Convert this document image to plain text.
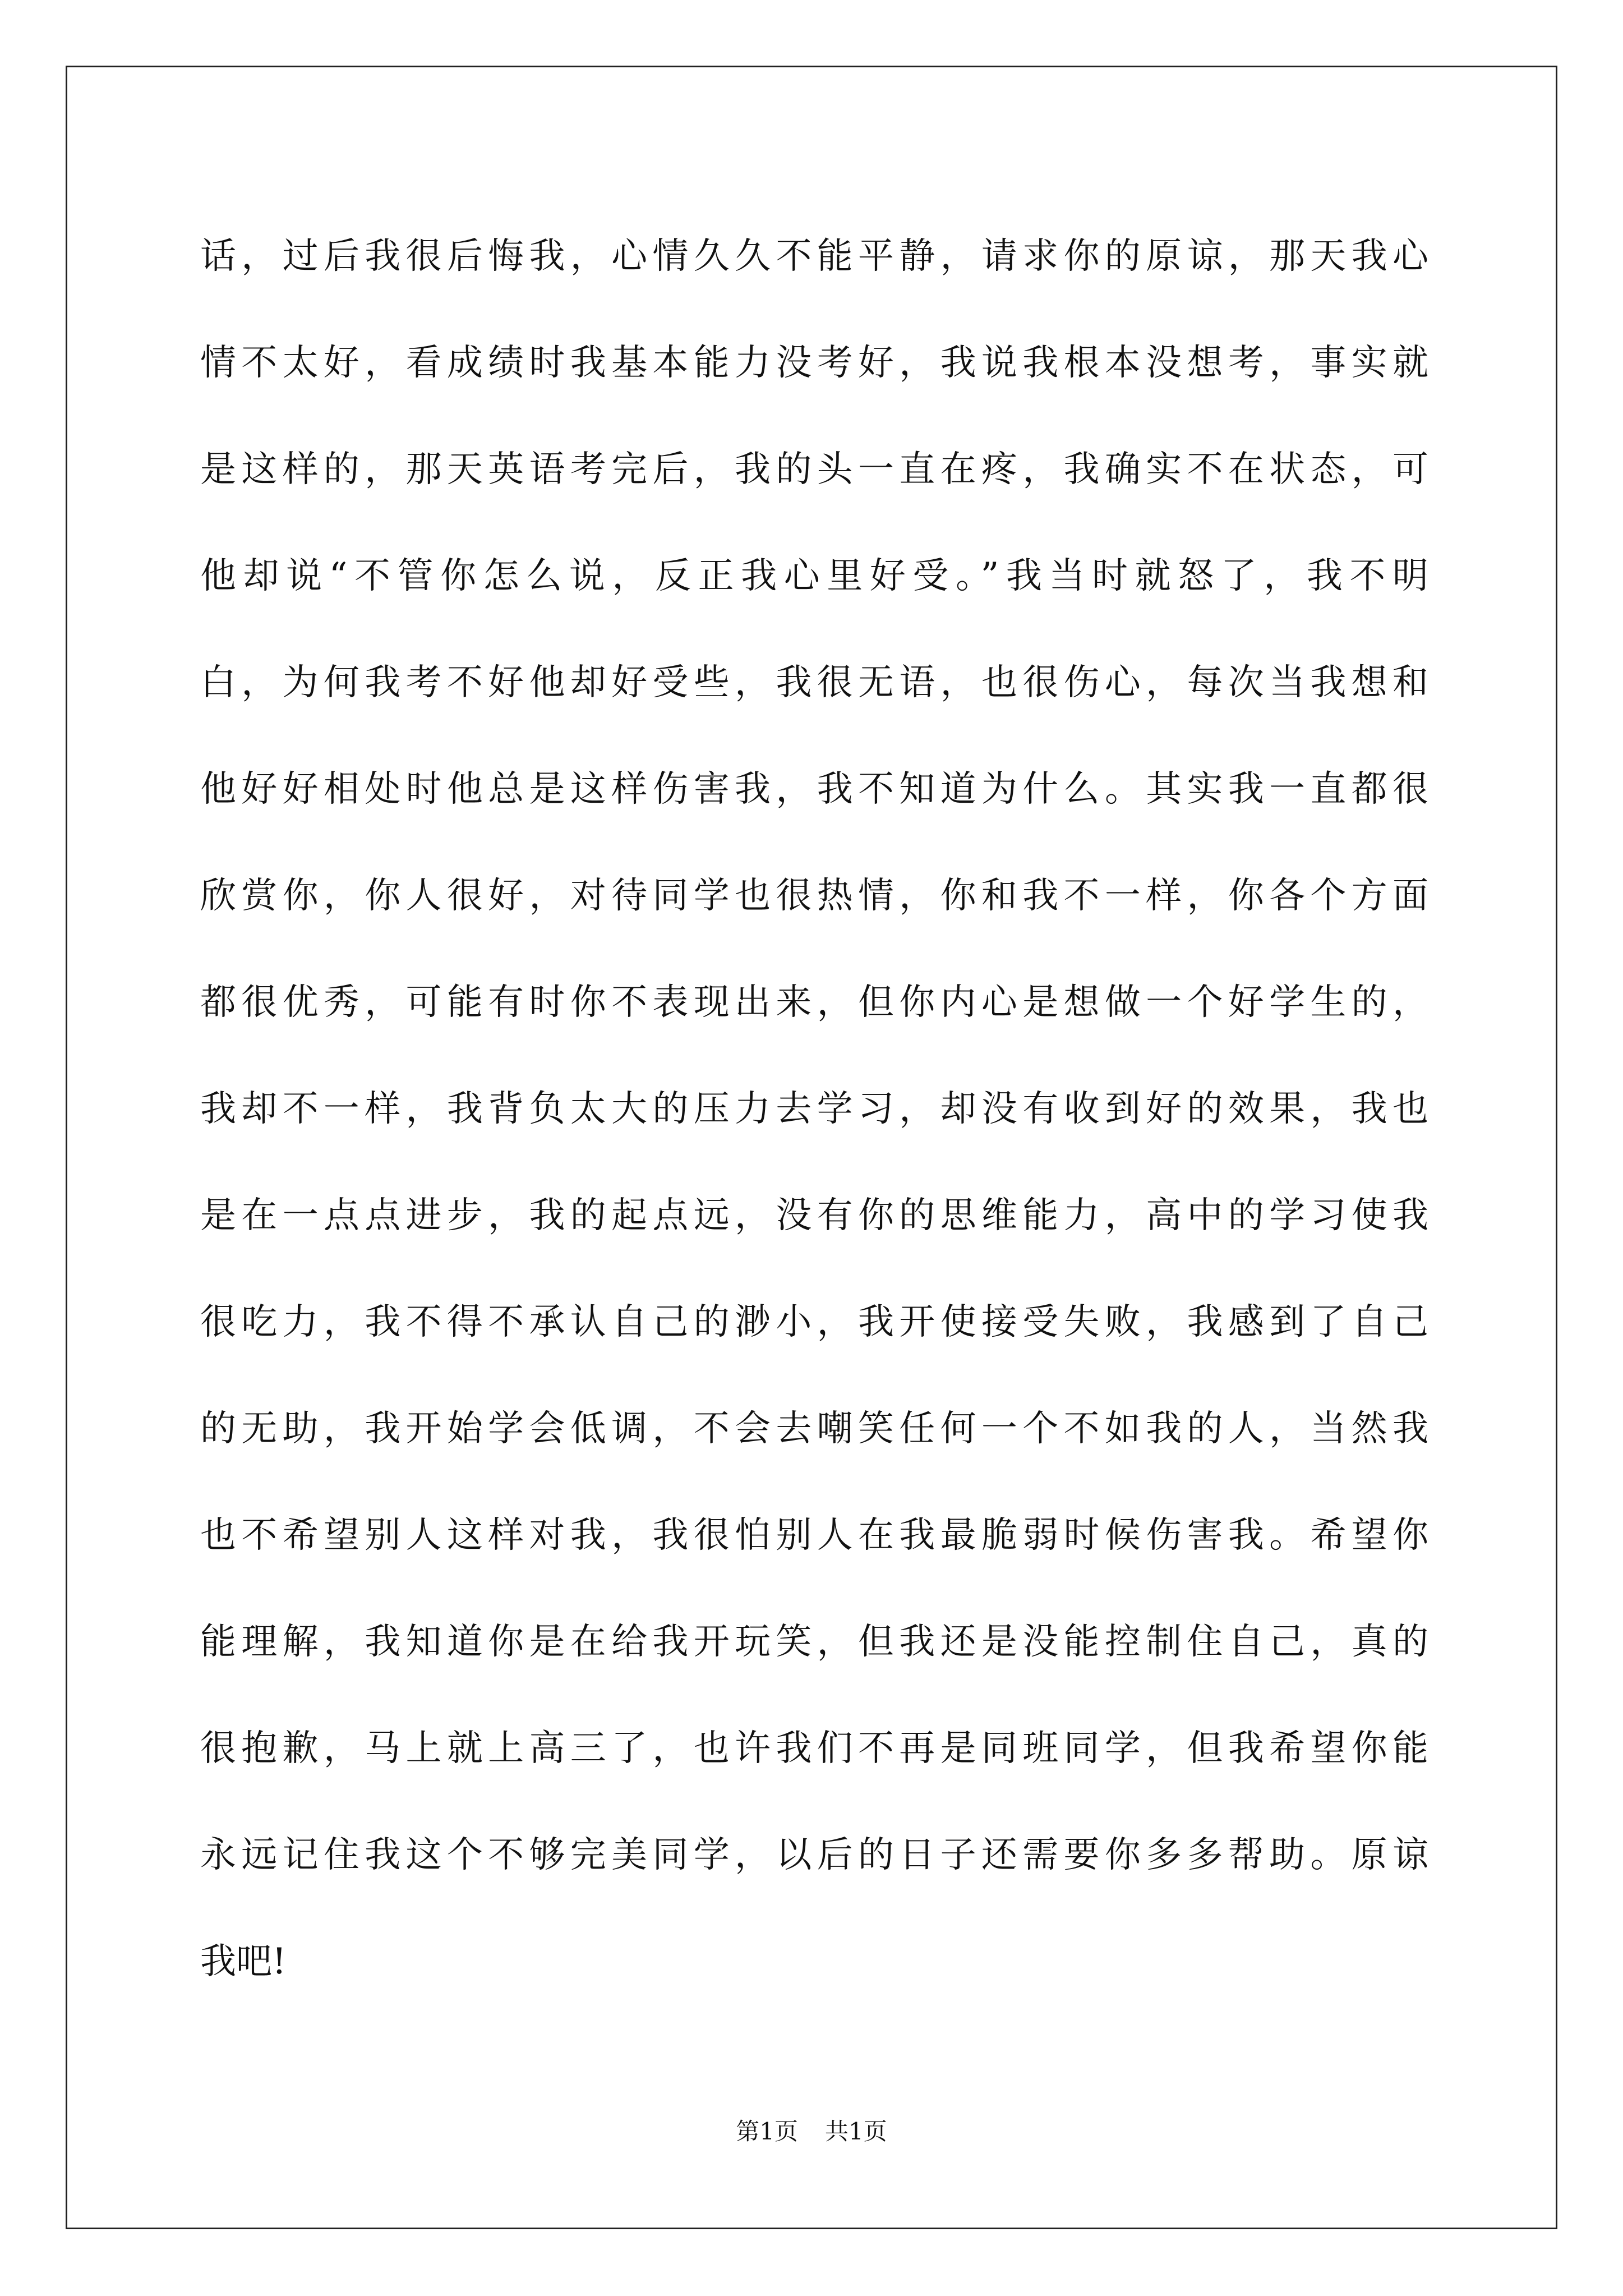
话，过后我很后悔我，心情久久不能平静，请求你的原谅，那天我心
情不太好，看成绩时我基本能力没考好，我说我根本没想考，事实就
是这样的，那天英语考完后，我的头一直在疼，我确实不在状态，可
他却说“不管你怎么说，反正我心里好受。”我当时就怒了，我不明
白，为何我考不好他却好受些，我很无语，也很伤心，每次当我想和
他好好相处时他总是这样伤害我，我不知道为什么。其实我一直都很
欣赏你，你人很好，对待同学也很热情，你和我不一样，你各个方面
都很优秀，可能有时你不表现出来，但你内心是想做一个好学生的，
我却不一样，我背负太大的压力去学习，却没有收到好的效果，我也
是在一点点进步，我的起点远，没有你的思维能力，高中的学习使我
很吃力，我不得不承认自己的渺小，我开使接受失败，我感到了自己
的无助，我开始学会低调，不会去嘲笑任何一个不如我的人，当然我
也不希望别人这样对我，我很怕别人在我最脆弱时候伤害我。希望你
能理解，我知道你是在给我开玩笑，但我还是没能控制住自己，真的
很抱歉，马上就上高三了，也许我们不再是同班同学，但我希望你能
永远记住我这个不够完美同学，以后的日子还需要你多多帮助。原谅
我吧!
第1页 共1页
